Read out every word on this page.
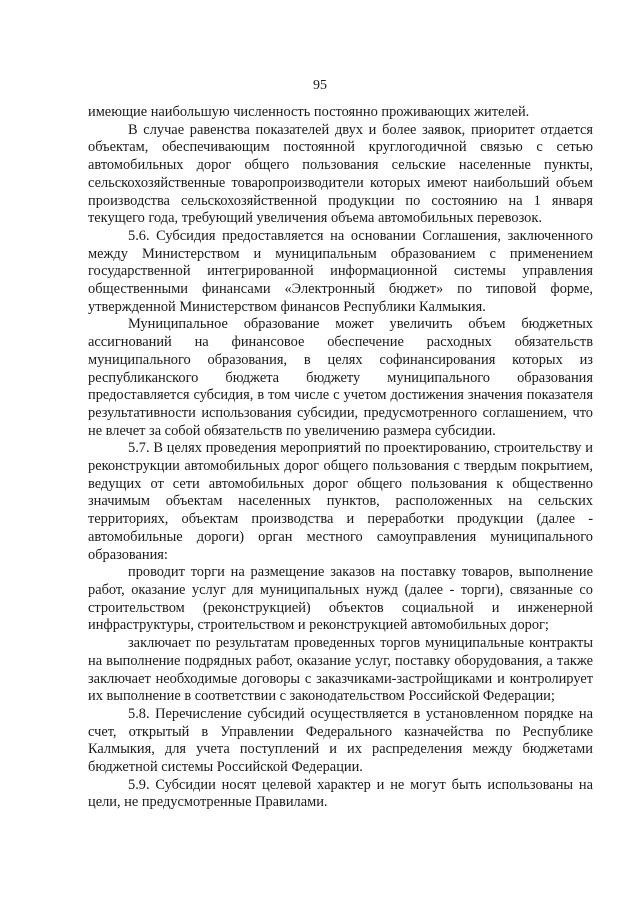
95

имеющие наибольшую численность постоянно проживающих жителей.

В случае равенства показателей двух и более заявок, приоритет отдается объектам, обеспечивающим постоянной круглогодичной связью с сетью автомобильных дорог общего пользования сельские населенные пункты, сельскохозяйственные товаропроизводители которых имеют наибольший объем производства сельскохозяйственной продукции по состоянию на 1 января текущего года, требующий увеличения объема автомобильных перевозок.

5.6. Субсидия предоставляется на основании Соглашения, заключенного между Министерством и муниципальным образованием с применением государственной интегрированной информационной системы управления общественными финансами «Электронный бюджет» по типовой форме, утвержденной Министерством финансов Республики Калмыкия.

Муниципальное образование может увеличить объем бюджетных ассигнований на финансовое обеспечение расходных обязательств муниципального образования, в целях софинансирования которых из республиканского бюджета бюджету муниципального образования предоставляется субсидия, в том числе с учетом достижения значения показателя результативности использования субсидии, предусмотренного соглашением, что не влечет за собой обязательств по увеличению размера субсидии.

5.7. В целях проведения мероприятий по проектированию, строительству и реконструкции автомобильных дорог общего пользования с твердым покрытием, ведущих от сети автомобильных дорог общего пользования к общественно значимым объектам населенных пунктов, расположенных на сельских территориях, объектам производства и переработки продукции (далее - автомобильные дороги) орган местного самоуправления муниципального образования:

проводит торги на размещение заказов на поставку товаров, выполнение работ, оказание услуг для муниципальных нужд (далее - торги), связанные со строительством (реконструкцией) объектов социальной и инженерной инфраструктуры, строительством и реконструкцией автомобильных дорог;

заключает по результатам проведенных торгов муниципальные контракты на выполнение подрядных работ, оказание услуг, поставку оборудования, а также заключает необходимые договоры с заказчиками-застройщиками и контролирует их выполнение в соответствии с законодательством Российской Федерации;

5.8. Перечисление субсидий осуществляется в установленном порядке на счет, открытый в Управлении Федерального казначейства по Республике Калмыкия, для учета поступлений и их распределения между бюджетами бюджетной системы Российской Федерации.

5.9. Субсидии носят целевой характер и не могут быть использованы на цели, не предусмотренные Правилами.
